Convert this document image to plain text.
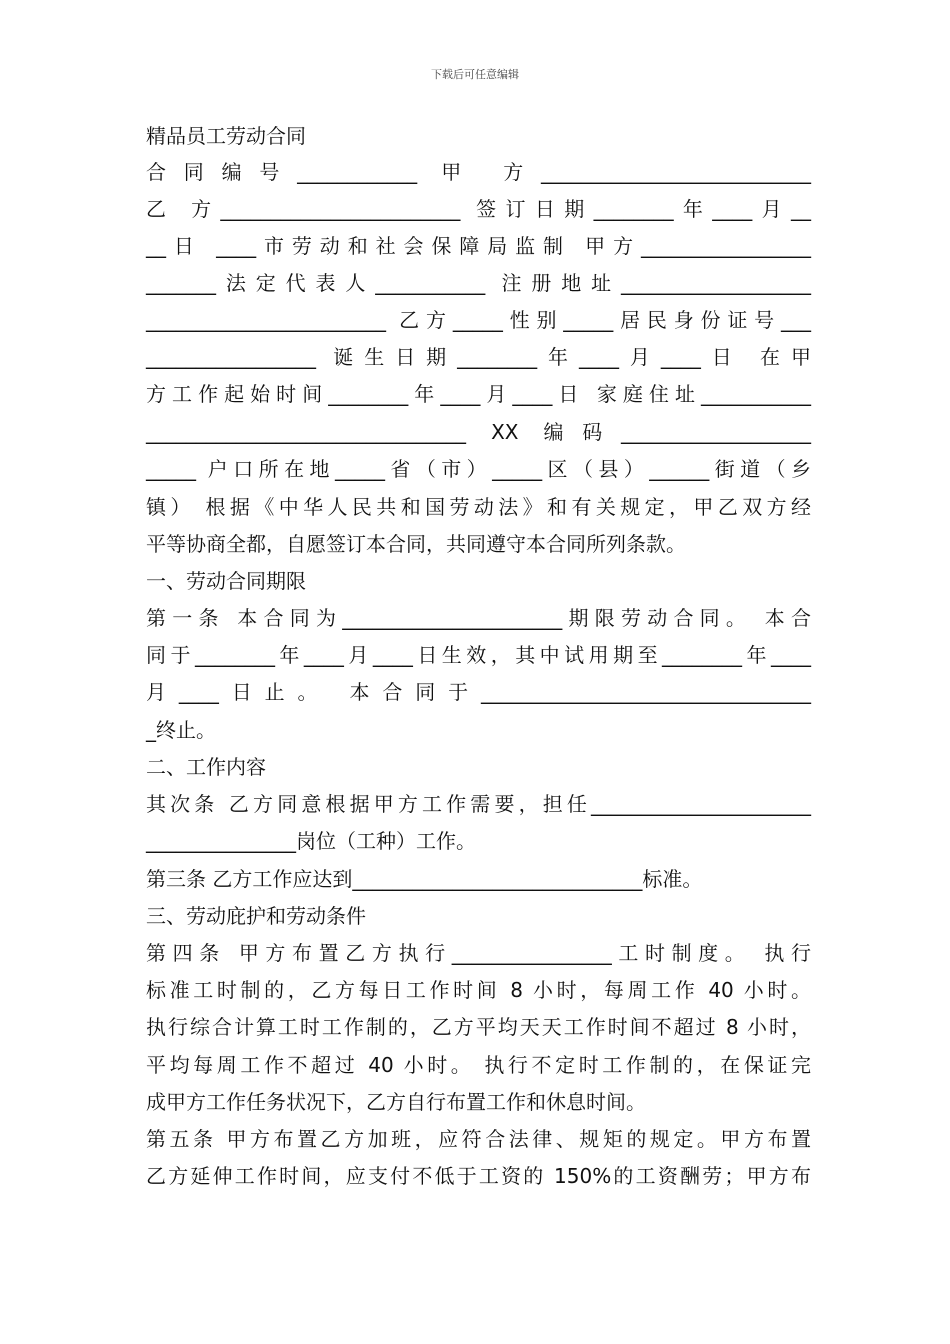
下载后可任意编辑
精品员工劳动合同
合同编号____________ 甲 方___________________________
乙 方________________________ 签订日期________年____月__
__日 ____市劳动和社会保障局监制 甲方_________________
_______法定代表人___________ 注册地址___________________
________________________ 乙方_____性别_____居民身份证号___
_________________ 诞生日期________年____月____日 在甲
方工作起始时间________年____月____日 家庭住址___________
________________________________ XX 编码___________________
_____ 户口所在地_____省（市）_____区（县）______街道（乡
镇） 根据《中华人民共和国劳动法》和有关规定，甲乙双方经
平等协商全都，自愿签订本合同，共同遵守本合同所列条款。
一、劳动合同期限
第一条 本合同为______________________期限劳动合同。 本合
同于________年____月____日生效，其中试用期至________年____
月____日止。 本合同于_________________________________
_终止。
二、工作内容
其次条 乙方同意根据甲方工作需要，担任______________________
_______________岗位（工种）工作。
第三条 乙方工作应达到_____________________________标准。
三、劳动庇护和劳动条件
第四条 甲方布置乙方执行________________工时制度。 执行
标准工时制的，乙方每日工作时间 8 小时，每周工作 40 小时。
执行综合计算工时工作制的，乙方平均天天工作时间不超过 8 小时，
平均每周工作不超过 40 小时。 执行不定时工作制的，在保证完
成甲方工作任务状况下，乙方自行布置工作和休息时间。
第五条 甲方布置乙方加班，应符合法律、规矩的规定。甲方布置
乙方延伸工作时间，应支付不低于工资的 150%的工资酬劳；甲方布
